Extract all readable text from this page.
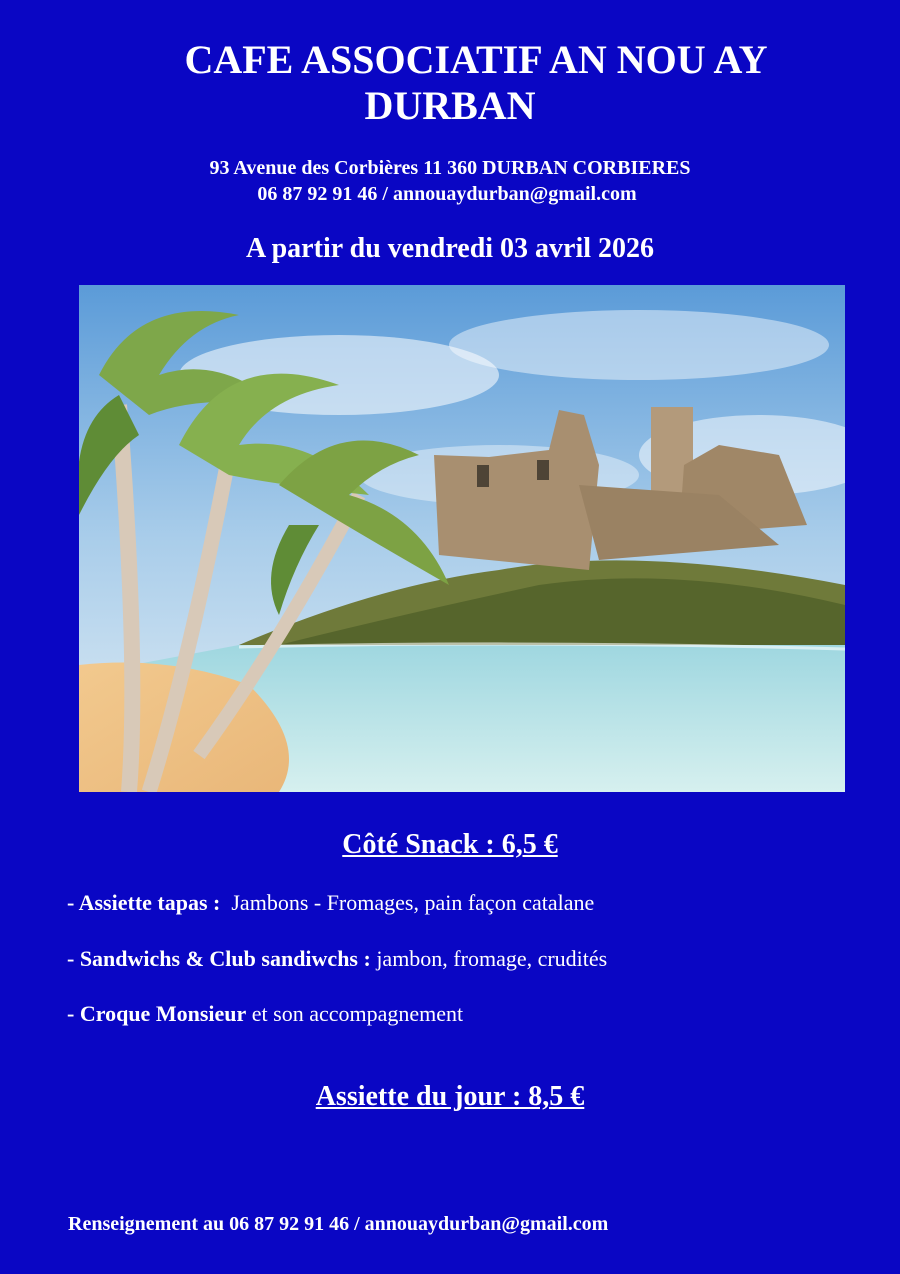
CAFE ASSOCIATIF AN NOU AY
DURBAN
93 Avenue des Corbières 11 360 DURBAN CORBIERES
06 87 92 91 46 / annouaydurban@gmail.com
A partir du vendredi 03 avril 2026
Côté Snack : 6,5 €
- Assiette tapas :  Jambons - Fromages, pain façon catalane
- Sandwichs & Club sandiwchs : jambon, fromage, crudités
- Croque Monsieur et son accompagnement
Assiette du jour : 8,5 €
Renseignement au 06 87 92 91 46 / annouaydurban@gmail.com
